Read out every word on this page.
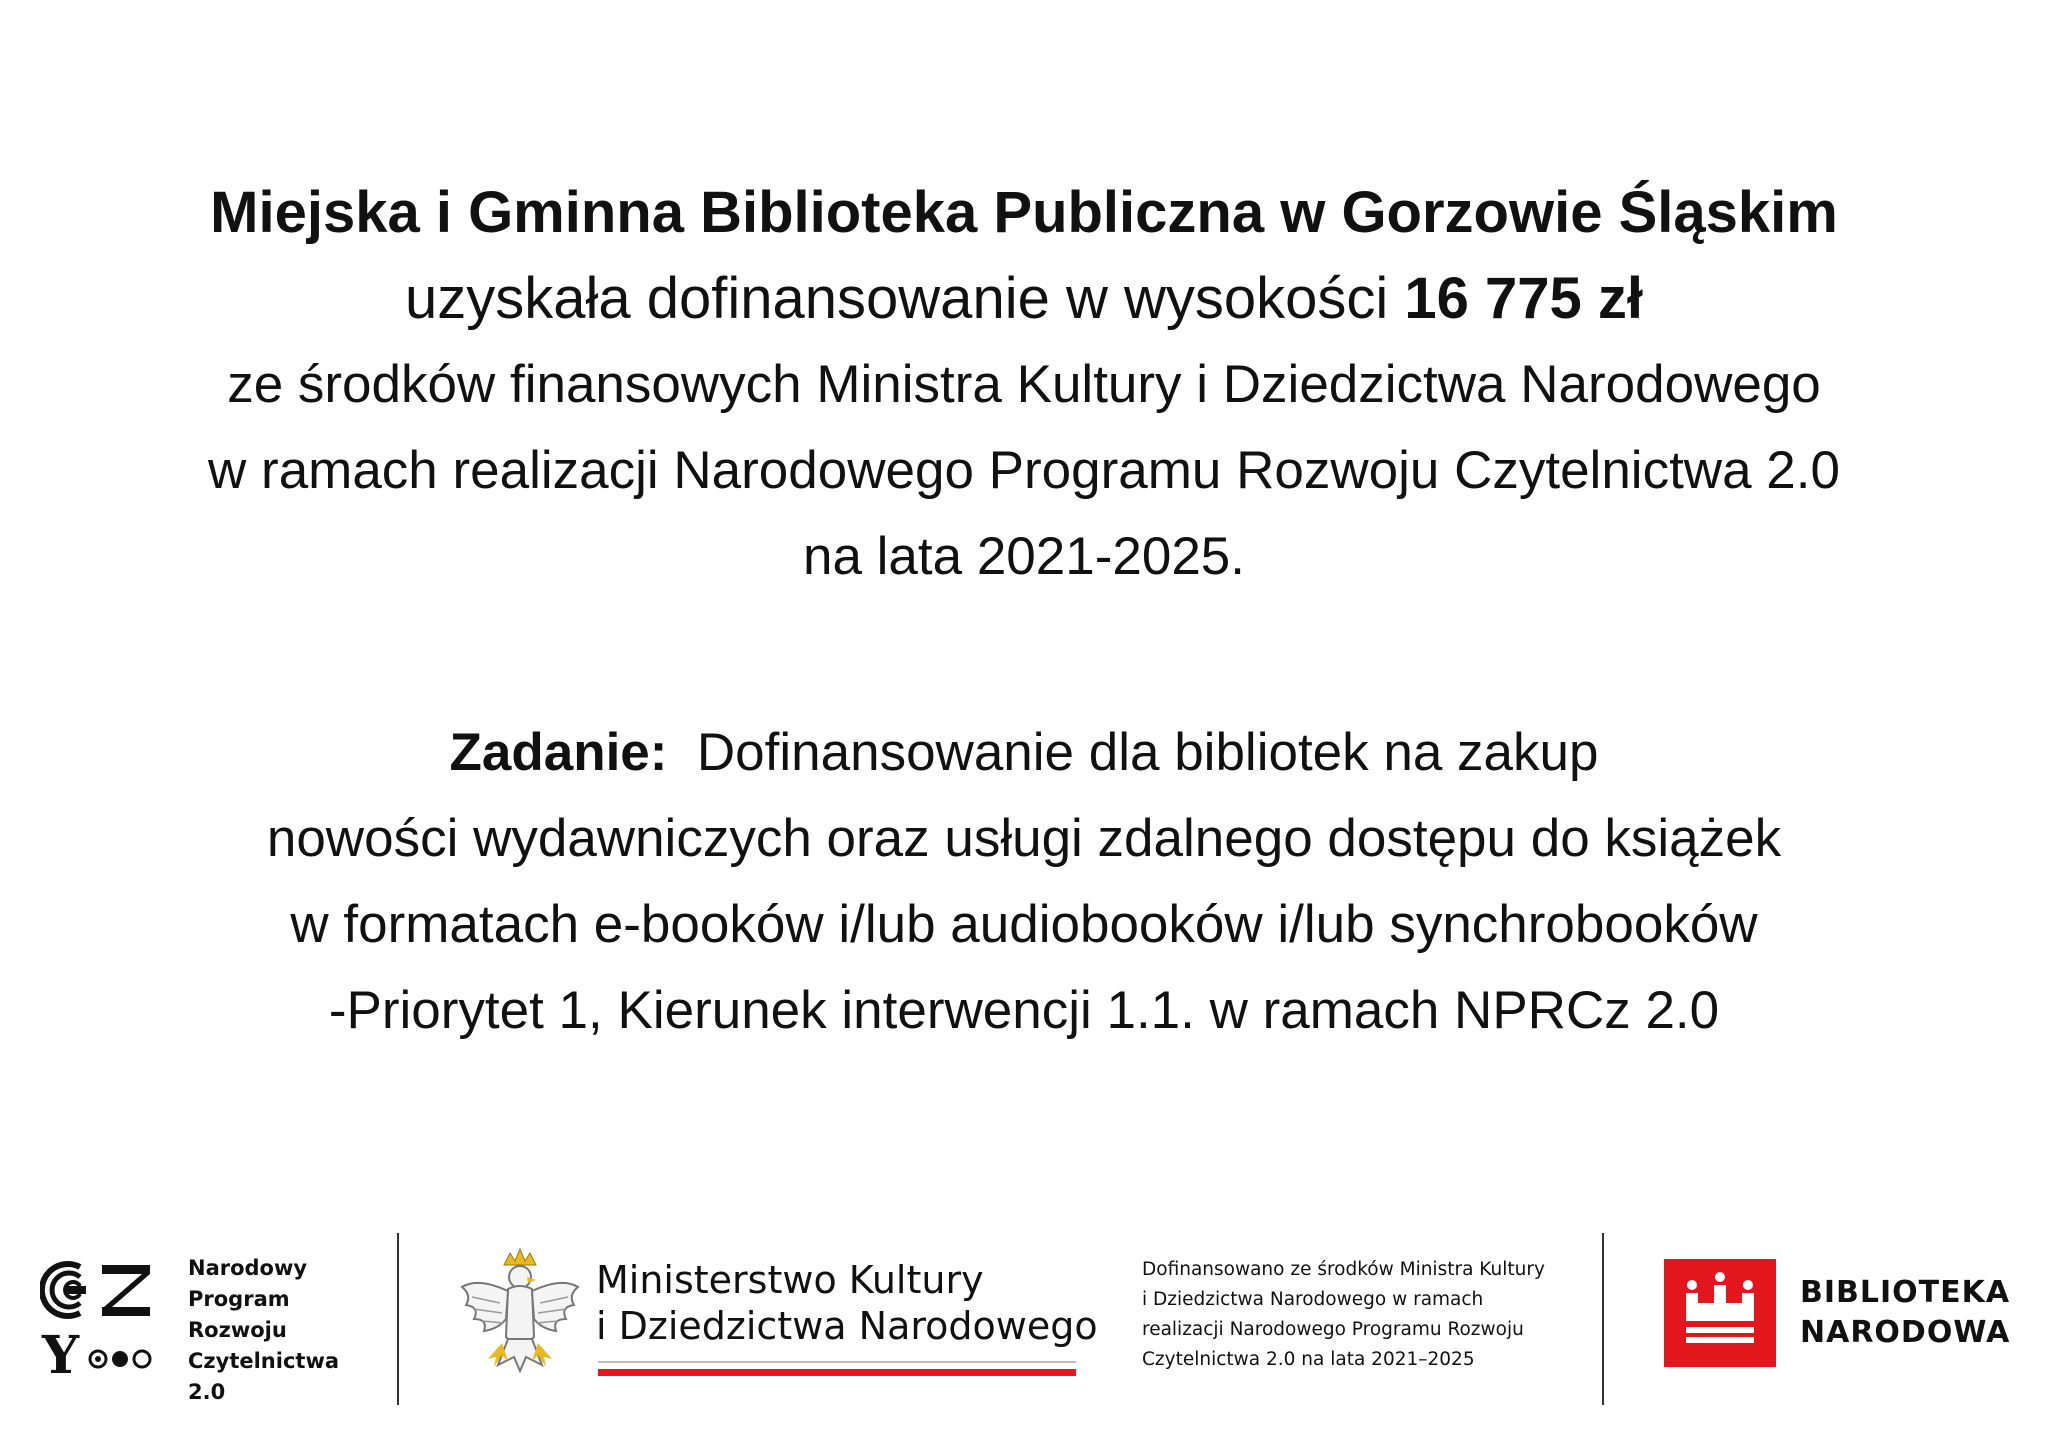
Miejska i Gminna Biblioteka Publiczna w Gorzowie Śląskim
uzyskała dofinansowanie w wysokości 16 775 zł
ze środków finansowych Ministra Kultury i Dziedzictwa Narodowego
w ramach realizacji Narodowego Programu Rozwoju Czytelnictwa 2.0
na lata 2021-2025.
Zadanie: Dofinansowanie dla bibliotek na zakup
nowości wydawniczych oraz usługi zdalnego dostępu do książek
w formatach e-booków i/lub audiobooków i/lub synchrobooków
-Priorytet 1, Kierunek interwencji 1.1. w ramach NPRCz 2.0
Y
Narodowy
Program
Rozwoju
Czytelnictwa
2.0
Ministerstwo Kultury
i Dziedzictwa Narodowego
Dofinansowano ze środków Ministra Kultury
i Dziedzictwa Narodowego w ramach
realizacji Narodowego Programu Rozwoju
Czytelnictwa 2.0 na lata 2021–2025
BIBLIOTEKA
NARODOWA
